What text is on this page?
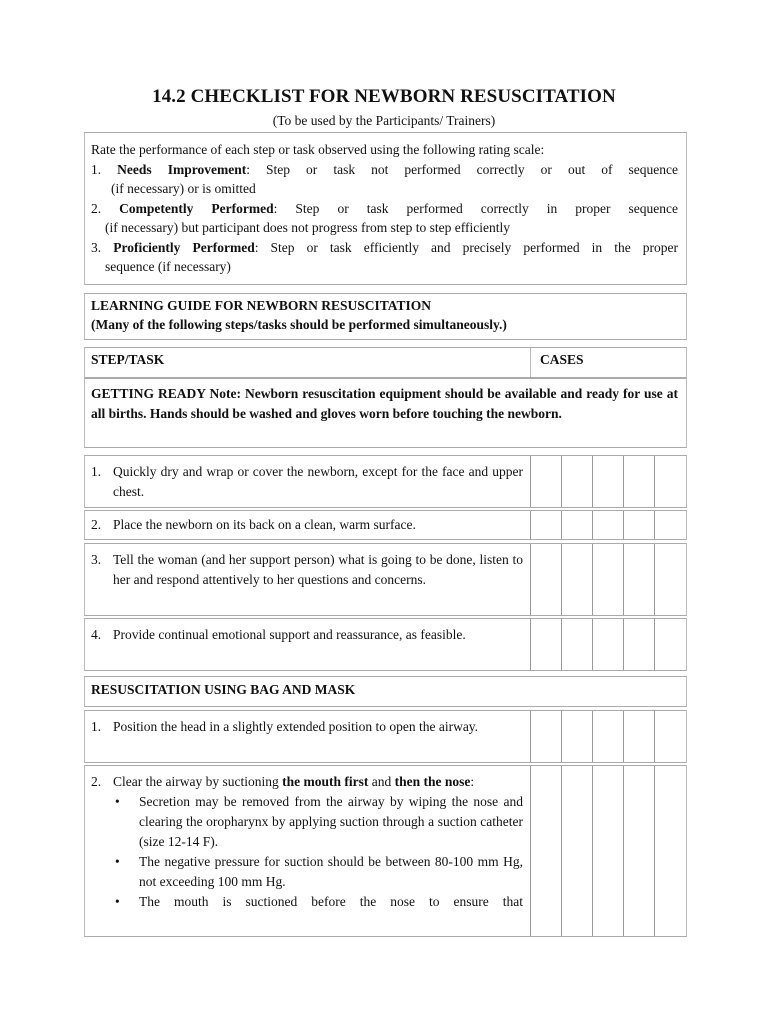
14.2 CHECKLIST FOR NEWBORN RESUSCITATION
(To be used by the Participants/ Trainers)
Rate the performance of each step or task observed using the following rating scale:
1. Needs Improvement: Step or task not performed correctly or out of sequence
(if necessary) or is omitted
2. Competently Performed: Step or task performed correctly in proper sequence
(if necessary) but participant does not progress from step to step efficiently
3. Proficiently Performed: Step or task efficiently and precisely performed in the proper
sequence (if necessary)
LEARNING GUIDE FOR NEWBORN RESUSCITATION
(Many of the following steps/tasks should be performed simultaneously.)
STEP/TASK	CASES
GETTING READY Note: Newborn resuscitation equipment should be available and ready for use at all births. Hands should be washed and gloves worn before touching the newborn.
1. Quickly dry and wrap or cover the newborn, except for the face and upper chest.
2. Place the newborn on its back on a clean, warm surface.
3. Tell the woman (and her support person) what is going to be done, listen to her and respond attentively to her questions and concerns.
4. Provide continual emotional support and reassurance, as feasible.
RESUSCITATION USING BAG AND MASK
1. Position the head in a slightly extended position to open the airway.
2. Clear the airway by suctioning the mouth first and then the nose:
• Secretion may be removed from the airway by wiping the nose and clearing the oropharynx by applying suction through a suction catheter (size 12-14 F).
• The negative pressure for suction should be between 80-100 mm Hg, not exceeding 100 mm Hg.
• The mouth is suctioned before the nose to ensure that
